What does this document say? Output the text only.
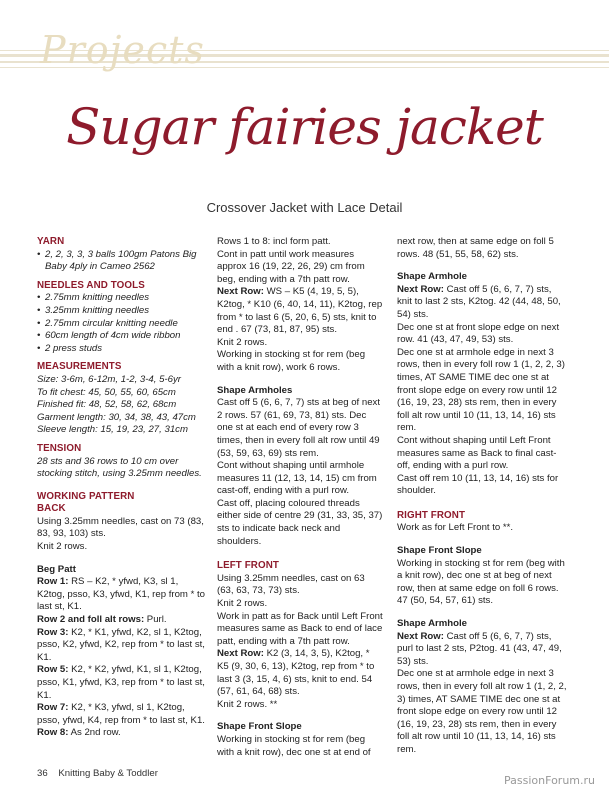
Projects
Sugar fairies jacket
Crossover Jacket with Lace Detail
YARN
• 2, 2, 3, 3, 3 balls 100gm Patons Big Baby 4ply in Cameo 2562
NEEDLES AND TOOLS
• 2.75mm knitting needles
• 3.25mm knitting needles
• 2.75mm circular knitting needle
• 60cm length of 4cm wide ribbon
• 2 press studs
MEASUREMENTS
Size: 3-6m, 6-12m, 1-2, 3-4, 5-6yr
To fit chest: 45, 50, 55, 60, 65cm
Finished fit: 48, 52, 58, 62, 68cm
Garment length: 30, 34, 38, 43, 47cm
Sleeve length: 15, 19, 23, 27, 31cm
TENSION
28 sts and 36 rows to 10 cm over stocking stitch, using 3.25mm needles.
WORKING PATTERN
BACK

Using 3.25mm needles, cast on 73 (83, 83, 93, 103) sts.

Knit 2 rows.

Beg Patt

Row 1: RS – K2, * yfwd, K3, sl 1, K2tog, psso, K3, yfwd, K1, rep from * to last st, K1.

Row 2 and foll alt rows: Purl.

Row 3: K2, * K1, yfwd, K2, sl 1, K2tog, psso, K2, yfwd, K2, rep from * to last st, K1.

Row 5: K2, * K2, yfwd, K1, sl 1, K2tog, psso, K1, yfwd, K3, rep from * to last st, K1.

Row 7: K2, * K3, yfwd, sl 1, K2tog, psso, yfwd, K4, rep from * to last st, K1.

Row 8: As 2nd row.

Rows 1 to 8: incl form patt.

Cont in patt until work measures approx 16 (19, 22, 26, 29) cm from beg, ending with a 7th patt row.

Next Row: WS – K5 (4, 19, 5, 5), K2tog, * K10 (6, 40, 14, 11), K2tog, rep from * to last 6 (5, 20, 6, 5) sts, knit to end . 67 (73, 81, 87, 95) sts.

Knit 2 rows.

Working in stocking st for rem (beg with a knit row), work 6 rows.

Shape Armholes

Cast off 5 (6, 6, 7, 7) sts at beg of next 2 rows. 57 (61, 69, 73, 81) sts. Dec one st at each end of every row 3 times, then in every foll alt row until 49 (53, 59, 63, 69) sts rem.

Cont without shaping until armhole measures 11 (12, 13, 14, 15) cm from cast-off, ending with a purl row.

Cast off, placing coloured threads either side of centre 29 (31, 33, 35, 37) sts to indicate back neck and shoulders.

LEFT FRONT

Using 3.25mm needles, cast on 63 (63, 63, 73, 73) sts.

Knit 2 rows.

Work in patt as for Back until Left Front measures same as Back to end of lace patt, ending with a 7th patt row.

Next Row: K2 (3, 14, 3, 5), K2tog, * K5 (9, 30, 6, 13), K2tog, rep from * to last 3 (3, 15, 4, 6) sts, knit to end. 54 (57, 61, 64, 68) sts.

Knit 2 rows. **

Shape Front Slope

Working in stocking st for rem (beg with a knit row), dec one st at end of

next row, then at same edge on foll 5 rows. 48 (51, 55, 58, 62) sts.

Shape Armhole

Next Row: Cast off 5 (6, 6, 7, 7) sts, knit to last 2 sts, K2tog. 42 (44, 48, 50, 54) sts.

Dec one st at front slope edge on next row. 41 (43, 47, 49, 53) sts.

Dec one st at armhole edge in next 3 rows, then in every foll row 1 (1, 2, 2, 3) times, AT SAME TIME dec one st at front slope edge on every row until 12 (16, 19, 23, 28) sts rem, then in every foll alt row until 10 (11, 13, 14, 16) sts rem.

Cont without shaping until Left Front measures same as Back to final cast-off, ending with a purl row.

Cast off rem 10 (11, 13, 14, 16) sts for shoulder.

RIGHT FRONT

Work as for Left Front to **.

Shape Front Slope

Working in stocking st for rem (beg with a knit row), dec one st at beg of next row, then at same edge on foll 6 rows. 47 (50, 54, 57, 61) sts.

Shape Armhole

Next Row: Cast off 5 (6, 6, 7, 7) sts, purl to last 2 sts, P2tog. 41 (43, 47, 49, 53) sts.

Dec one st at armhole edge in next 3 rows, then in every foll alt row 1 (1, 2, 2, 3) times, AT SAME TIME dec one st at front slope edge on every row until 12 (16, 19, 23, 28) sts rem, then in every foll alt row until 10 (11, 13, 14, 16) sts rem.

36 Knitting Baby & Toddler
PassionForum.ru
